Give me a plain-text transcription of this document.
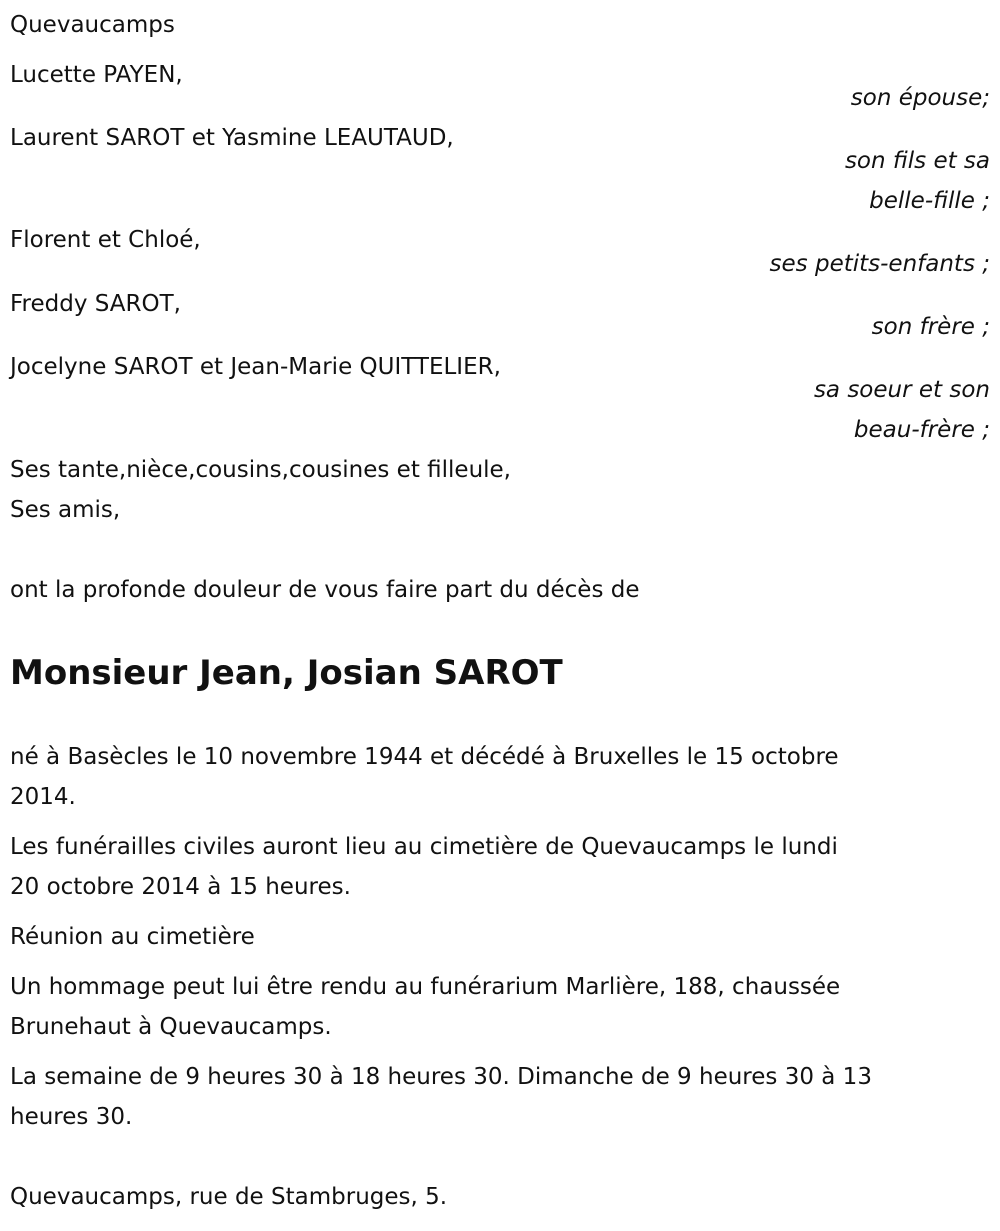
Quevaucamps
Lucette PAYEN,
son épouse;
Laurent SAROT et Yasmine LEAUTAUD,
son fils et sa
belle-fille ;
Florent et Chloé,
ses petits-enfants ;
Freddy SAROT,
son frère ;
Jocelyne SAROT et Jean-Marie QUITTELIER,
sa soeur et son
beau-frère ;
Ses tante,nièce,cousins,cousines et filleule,
Ses amis,
ont la profonde douleur de vous faire part du décès de
Monsieur Jean, Josian SAROT
né à Basècles le 10 novembre 1944 et décédé à Bruxelles le 15 octobre
2014.
Les funérailles civiles auront lieu au cimetière de Quevaucamps le lundi
20 octobre 2014 à 15 heures.
Réunion au cimetière
Un hommage peut lui être rendu au funérarium Marlière, 188, chaussée
Brunehaut à Quevaucamps.
La semaine de 9 heures 30 à 18 heures 30. Dimanche de 9 heures 30 à 13
heures 30.
Quevaucamps, rue de Stambruges, 5.
